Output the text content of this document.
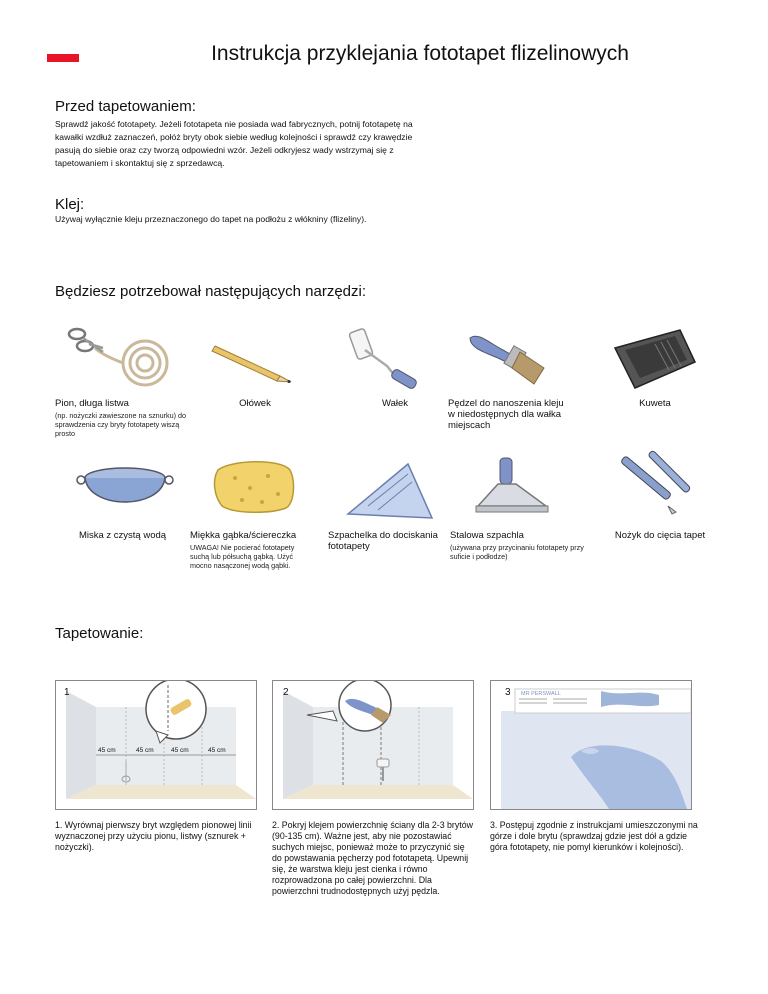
Instrukcja przyklejania fototapet flizelinowych
Przed tapetowaniem:
Sprawdź jakość fototapety. Jeżeli fototapeta nie posiada wad fabrycznych, potnij fototapetę na kawałki wzdłuż zaznaczeń, połóż bryty obok siebie według kolejności i sprawdź czy krawędzie pasują do siebie oraz czy tworzą odpowiedni wzór. Jeżeli odkryjesz wady wstrzymaj się z tapetowaniem i skontaktuj się z sprzedawcą.
Klej:
Używaj wyłącznie kleju przeznaczonego do tapet na podłożu z włókniny (flizeliny).
Będziesz potrzebował następujących narzędzi:
Pion, długa listwa
(np. nożyczki zawieszone na sznurku) do sprawdzenia czy bryty fototapety wiszą prosto
Ołówek	Wałek	Pędzel do nanoszenia kleju w niedostępnych dla wałka miejscach
Kuweta
Miska z czystą wodą	Miękka gąbka/ściereczka
UWAGA! Nie pocierać fototapety suchą lub półsuchą gąbką. Użyć mocno nasączonej wodą gąbki.
Szpachelka do dociskania fototapety
Stalowa szpachla
(używana przy przycinaniu fototapety przy suficie i podłodze)
Nożyk do cięcia tapet
Tapetowanie:
1
45 cm	45 cm	45 cm	45 cm
1. Wyrównaj pierwszy bryt względem pionowej linii wyznaczonej przy użyciu pionu, listwy (sznurek + nożyczki).
2
2. Pokryj klejem powierzchnię ściany dla 2-3 brytów (90-135 cm). Ważne jest, aby nie pozostawiać suchych miejsc, ponieważ może to przyczynić się do powstawania pęcherzy pod fototapetą. Upewnij się, że warstwa kleju jest cienka i równo rozprowadzona po całej powierzchni. Dla powierzchni trudnodostępnych użyj pędzla.
3 MR PERSWALL
3. Postępuj zgodnie z instrukcjami umieszczonymi na górze i dole brytu (sprawdzaj gdzie jest dół a gdzie góra fototapety, nie pomyl kierunków i kolejności).
